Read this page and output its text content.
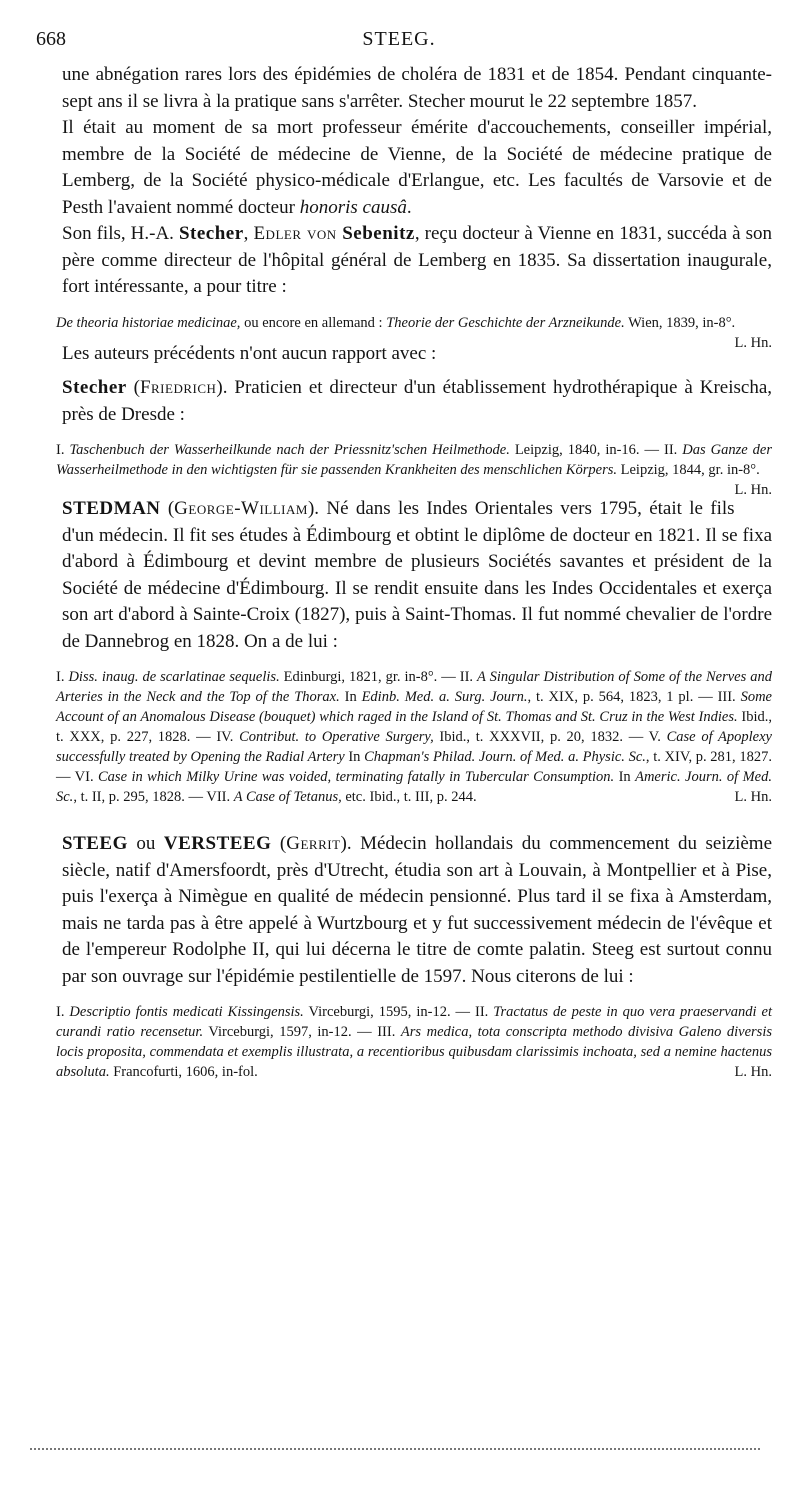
668	STEEG.

une abnégation rares lors des épidémies de choléra de 1831 et de 1854. Pendant cinquante-sept ans il se livra à la pratique sans s'arrêter. Stecher mourut le 22 septembre 1857.

Il était au moment de sa mort professeur émérite d'accouchements, conseiller impérial, membre de la Société de médecine de Vienne, de la Société de médecine pratique de Lemberg, de la Société physico-médicale d'Erlangue, etc. Les facultés de Varsovie et de Pesth l'avaient nommé docteur honoris causâ.

Son fils, H.-A. Stecher, Edler von Sebenitz, reçu docteur à Vienne en 1831, succéda à son père comme directeur de l'hôpital général de Lemberg en 1835. Sa dissertation inaugurale, fort intéressante, a pour titre :

De theoria historiae medicinae, ou encore en allemand : Theorie der Geschichte der Arzneikunde. Wien, 1839, in-8°.
L. Hn.

Les auteurs précédents n'ont aucun rapport avec :

Stecher (Friedrich). Praticien et directeur d'un établissement hydrothérapique à Kreischa, près de Dresde :

I. Taschenbuch der Wasserheilkunde nach der Priessnitz'schen Heilmethode. Leipzig, 1840, in-16. — II. Das Ganze der Wasserheilmethode in den wichtigsten für sie passenden Krankheiten des menschlichen Körpers. Leipzig, 1844, gr. in-8°.
L. Hn.

STEDMAN (George-William). Né dans les Indes Orientales vers 1795, était le fils d'un médecin. Il fit ses études à Édimbourg et obtint le diplôme de docteur en 1821. Il se fixa d'abord à Édimbourg et devint membre de plusieurs Sociétés savantes et président de la Société de médecine d'Édimbourg. Il se rendit ensuite dans les Indes Occidentales et exerça son art d'abord à Sainte-Croix (1827), puis à Saint-Thomas. Il fut nommé chevalier de l'ordre de Dannebrog en 1828. On a de lui :

I. Diss. inaug. de scarlatinae sequelis. Edinburgi, 1821, gr. in-8°. — II. A Singular Distribution of Some of the Nerves and Arteries in the Neck and the Top of the Thorax. In Edinb. Med. a. Surg. Journ., t. XIX, p. 564, 1823, 1 pl. — III. Some Account of an Anomalous Disease (bouquet) which raged in the Island of St. Thomas and St. Cruz in the West Indies. Ibid., t. XXX, p. 227, 1828. — IV. Contribut. to Operative Surgery, Ibid., t. XXXVII, p. 20, 1832. — V. Case of Apoplexy successfully treated by Opening the Radial Artery In Chapman's Philad. Journ. of Med. a. Physic. Sc., t. XIV, p. 281, 1827. — VI. Case in which Milky Urine was voided, terminating fatally in Tubercular Consumption. In Americ. Journ. of Med. Sc., t. II, p. 295, 1828. — VII. A Case of Tetanus, etc. Ibid., t. III, p. 244.	L. Hn.

STEEG ou VERSTEEG (Gerrit). Médecin hollandais du commencement du seizième siècle, natif d'Amersfoordt, près d'Utrecht, étudia son art à Louvain, à Montpellier et à Pise, puis l'exerça à Nimègue en qualité de médecin pensionné. Plus tard il se fixa à Amsterdam, mais ne tarda pas à être appelé à Wurtzbourg et y fut successivement médecin de l'évêque et de l'empereur Rodolphe II, qui lui décerna le titre de comte palatin. Steeg est surtout connu par son ouvrage sur l'épidémie pestilentielle de 1597. Nous citerons de lui :

I. Descriptio fontis medicati Kissingensis. Virceburgi, 1595, in-12. — II. Tractatus de peste in quo vera praeservandi et curandi ratio recensetur. Virceburgi, 1597, in-12. — III. Ars medica, tota conscripta methodo divisiva Galeno diversis locis proposita, commendata et exemplis illustrata, a recentioribus quibusdam clarissimis inchoata, sed a nemine hactenus absoluta. Francofurti, 1606, in-fol.	L. Hn.
